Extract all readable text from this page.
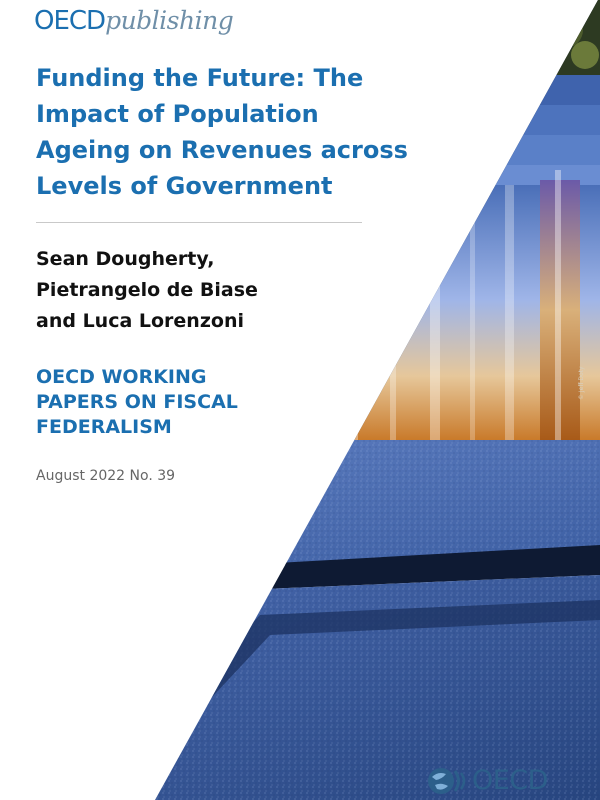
OECDpublishing
Funding the Future: The
Impact of Population
Ageing on Revenues across
Levels of Government
Sean Dougherty,
Pietrangelo de Biase
and Luca Lorenzoni
OECD WORKING
PAPERS ON FISCAL
FEDERALISM
August 2022 No. 39
© Jeff Doty
OECD
